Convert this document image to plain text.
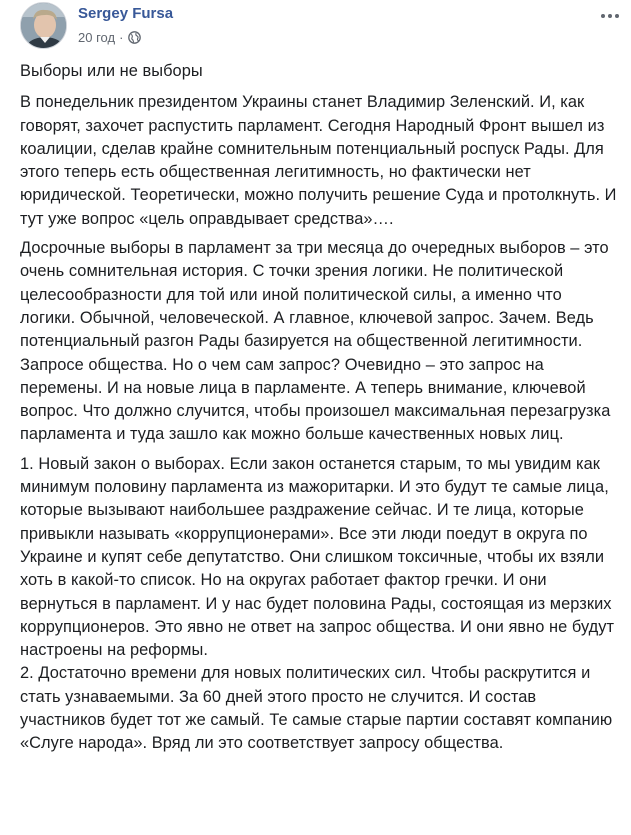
Sergey Fursa
20 год ·

Выборы или не выборы

В понедельник президентом Украины станет Владимир Зеленский. И, как говорят, захочет распустить парламент. Сегодня Народный Фронт вышел из коалиции, сделав крайне сомнительным потенциальный роспуск Рады. Для этого теперь есть общественная легитимность, но фактически нет юридической. Теоретически, можно получить решение Суда и протолкнуть. И тут уже вопрос «цель оправдывает средства»….

Досрочные выборы в парламент за три месяца до очередных выборов – это очень сомнительная история. С точки зрения логики. Не политической целесообразности для той или иной политической силы, а именно что логики. Обычной, человеческой. А главное, ключевой запрос. Зачем. Ведь потенциальный разгон Рады базируется на общественной легитимности. Запросе общества. Но о чем сам запрос? Очевидно – это запрос на перемены. И на новые лица в парламенте. А теперь внимание, ключевой вопрос. Что должно случится, чтобы произошел максимальная перезагрузка парламента и туда зашло как можно больше качественных новых лиц.

1. Новый закон о выборах. Если закон останется старым, то мы увидим как минимум половину парламента из мажоритарки. И это будут те самые лица, которые вызывают наибольшее раздражение сейчас. И те лица, которые привыкли называть «коррупционерами». Все эти люди поедут в округа по Украине и купят себе депутатство. Они слишком токсичные, чтобы их взяли хоть в какой-то список. Но на округах работает фактор гречки. И они вернуться в парламент. И у нас будет половина Рады, состоящая из мерзких коррупционеров. Это явно не ответ на запрос общества. И они явно не будут настроены на реформы.

2. Достаточно времени для новых политических сил. Чтобы раскрутится и стать узнаваемыми. За 60 дней этого просто не случится. И состав участников будет тот же самый. Те самые старые партии составят компанию «Слуге народа». Вряд ли это соответствует запросу общества.
